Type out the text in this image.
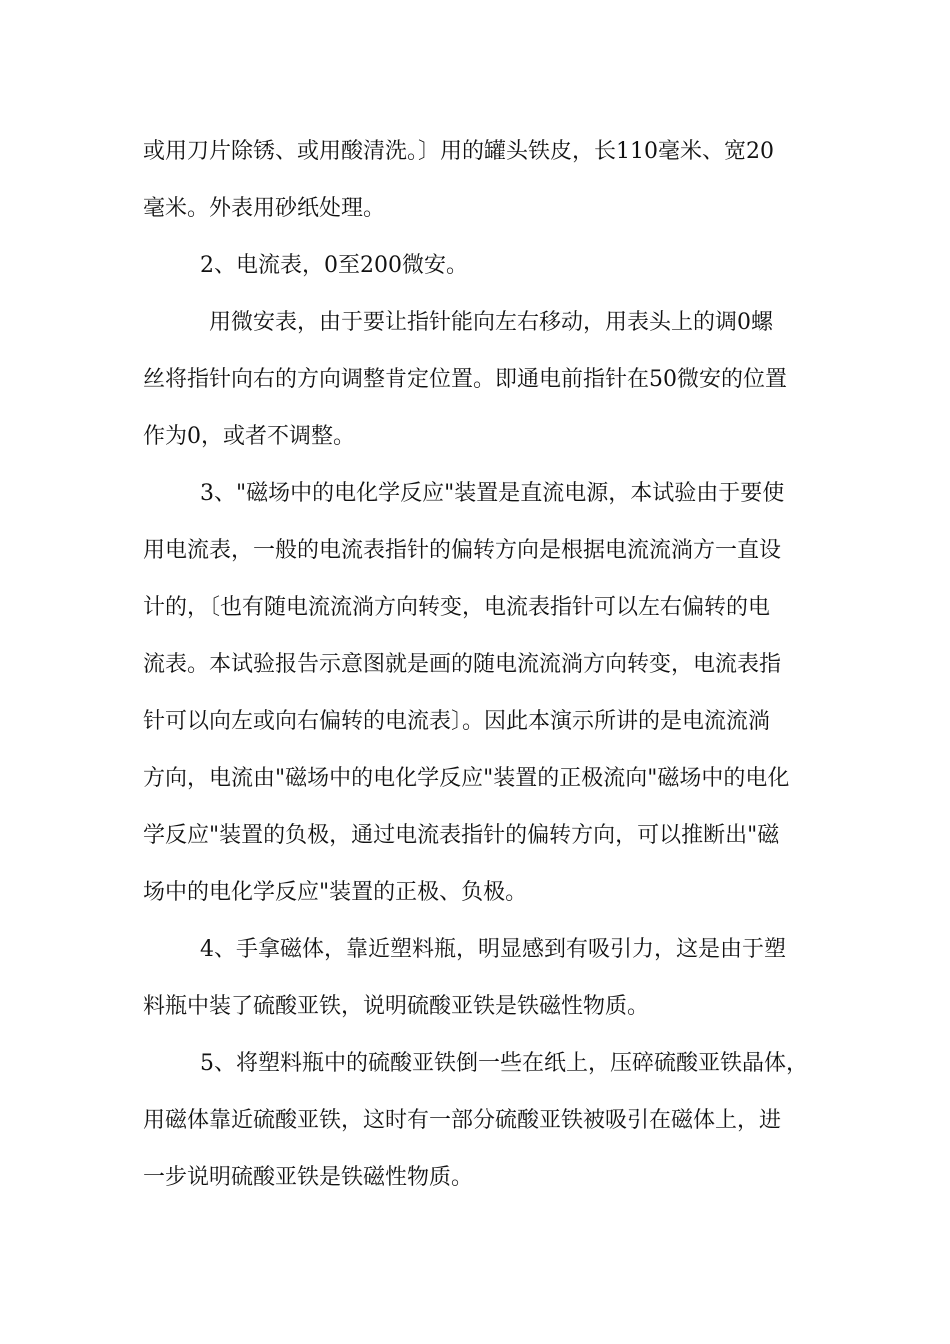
或用刀片除锈、或用酸清洗。〕用的罐头铁皮，长110毫米、宽20
毫米。外表用砂纸处理。
2、电流表，0至200微安。
用微安表，由于要让指针能向左右移动，用表头上的调0螺
丝将指针向右的方向调整肯定位置。即通电前指针在50微安的位置
作为0，或者不调整。
3、"磁场中的电化学反应"装置是直流电源，本试验由于要使
用电流表，一般的电流表指针的偏转方向是根据电流流淌方一直设
计的，〔也有随电流流淌方向转变，电流表指针可以左右偏转的电
流表。本试验报告示意图就是画的随电流流淌方向转变，电流表指
针可以向左或向右偏转的电流表〕。因此本演示所讲的是电流流淌
方向，电流由"磁场中的电化学反应"装置的正极流向"磁场中的电化
学反应"装置的负极，通过电流表指针的偏转方向，可以推断出"磁
场中的电化学反应"装置的正极、负极。
4、手拿磁体，靠近塑料瓶，明显感到有吸引力，这是由于塑
料瓶中装了硫酸亚铁，说明硫酸亚铁是铁磁性物质。
5、将塑料瓶中的硫酸亚铁倒一些在纸上，压碎硫酸亚铁晶体，
用磁体靠近硫酸亚铁，这时有一部分硫酸亚铁被吸引在磁体上，进
一步说明硫酸亚铁是铁磁性物质。
